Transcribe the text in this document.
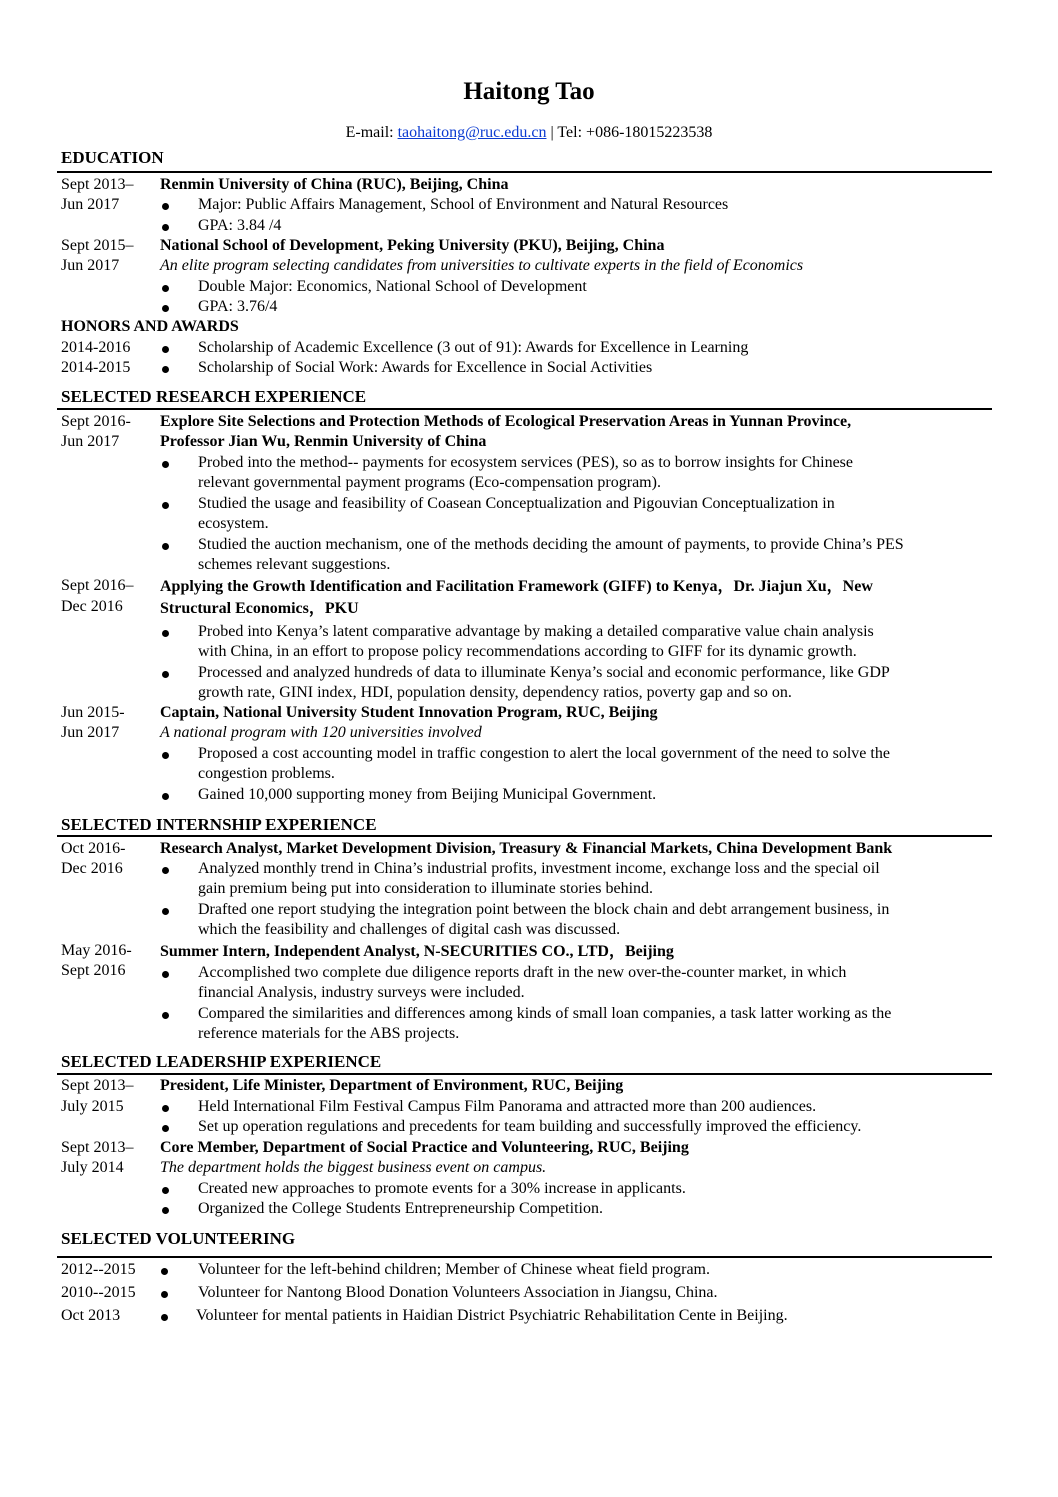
Haitong Tao
E-mail: taohaitong@ruc.edu.cn | Tel: +086-18015223538
EDUCATION
Sept 2013– Renmin University of China (RUC), Beijing, China
Jun 2017	Major: Public Affairs Management, School of Environment and Natural Resources
GPA: 3.84 /4
Sept 2015– National School of Development, Peking University (PKU), Beijing, China
Jun 2017	An elite program selecting candidates from universities to cultivate experts in the field of Economics
Double Major: Economics, National School of Development
GPA: 3.76/4
HONORS AND AWARDS
2014-2016	Scholarship of Academic Excellence (3 out of 91): Awards for Excellence in Learning
2014-2015	Scholarship of Social Work: Awards for Excellence in Social Activities
SELECTED RESEARCH EXPERIENCE
Sept 2016- Explore Site Selections and Protection Methods of Ecological Preservation Areas in Yunnan Province,
Jun 2017	Professor Jian Wu, Renmin University of China
Probed into the method-- payments for ecosystem services (PES), so as to borrow insights for Chinese
relevant governmental payment programs (Eco-compensation program).
Studied the usage and feasibility of Coasean Conceptualization and Pigouvian Conceptualization in
ecosystem.
Studied the auction mechanism, one of the methods deciding the amount of payments, to provide China’s PES
schemes relevant suggestions.
Sept 2016– Applying the Growth Identification and Facilitation Framework (GIFF) to Kenya，Dr. Jiajun Xu，New
Dec 2016 Structural Economics，PKU
Probed into Kenya’s latent comparative advantage by making a detailed comparative value chain analysis
with China, in an effort to propose policy recommendations according to GIFF for its dynamic growth.
Processed and analyzed hundreds of data to illuminate Kenya’s social and economic performance, like GDP
growth rate, GINI index, HDI, population density, dependency ratios, poverty gap and so on.
Jun 2015- Captain, National University Student Innovation Program, RUC, Beijing
Jun 2017	A national program with 120 universities involved
Proposed a cost accounting model in traffic congestion to alert the local government of the need to solve the
congestion problems.
Gained 10,000 supporting money from Beijing Municipal Government.
SELECTED INTERNSHIP EXPERIENCE
Oct 2016- Research Analyst, Market Development Division, Treasury & Financial Markets, China Development Bank
Dec 2016	Analyzed monthly trend in China’s industrial profits, investment income, exchange loss and the special oil
gain premium being put into consideration to illuminate stories behind.
Drafted one report studying the integration point between the block chain and debt arrangement business, in
which the feasibility and challenges of digital cash was discussed.
May 2016- Summer Intern, Independent Analyst, N-SECURITIES CO., LTD，Beijing
Sept 2016	Accomplished two complete due diligence reports draft in the new over-the-counter market, in which
financial Analysis, industry surveys were included.
Compared the similarities and differences among kinds of small loan companies, a task latter working as the
reference materials for the ABS projects.
SELECTED LEADERSHIP EXPERIENCE
Sept 2013– President, Life Minister, Department of Environment, RUC, Beijing
July 2015	Held International Film Festival Campus Film Panorama and attracted more than 200 audiences.
Set up operation regulations and precedents for team building and successfully improved the efficiency.
Sept 2013– Core Member, Department of Social Practice and Volunteering, RUC, Beijing
July 2014 The department holds the biggest business event on campus.
Created new approaches to promote events for a 30% increase in applicants.
Organized the College Students Entrepreneurship Competition.
SELECTED VOLUNTEERING
2012--2015	Volunteer for the left-behind children; Member of Chinese wheat field program.
2010--2015	Volunteer for Nantong Blood Donation Volunteers Association in Jiangsu, China.
Oct 2013	Volunteer for mental patients in Haidian District Psychiatric Rehabilitation Cente in Beijing.
